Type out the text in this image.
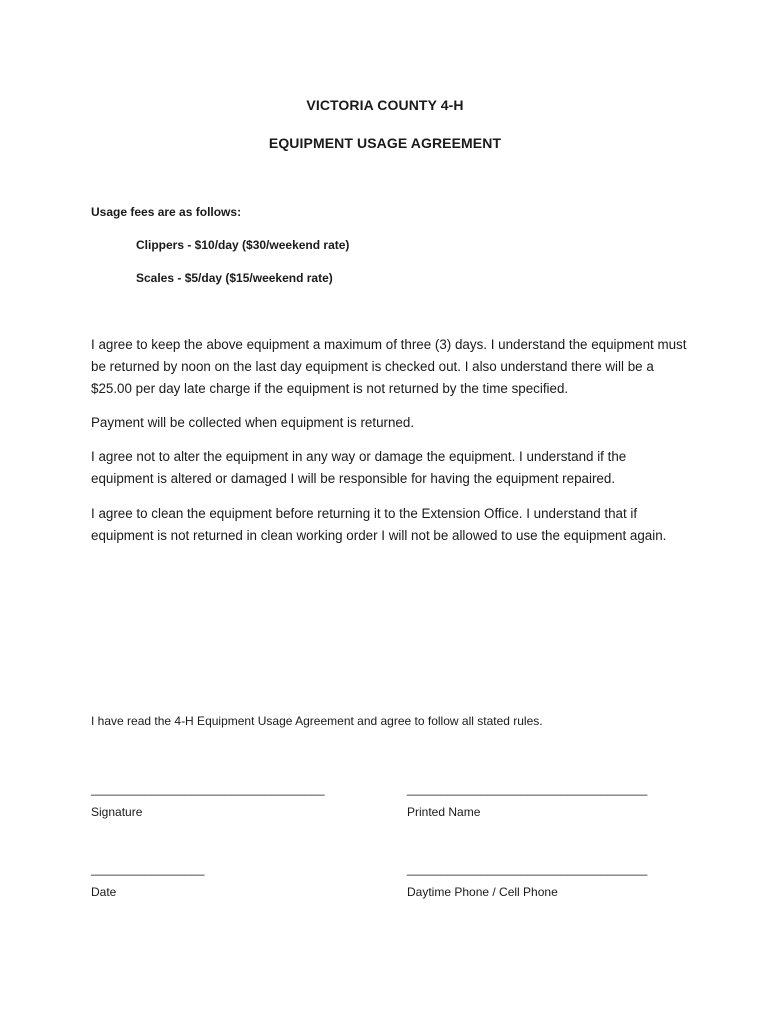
VICTORIA COUNTY 4-H
EQUIPMENT USAGE AGREEMENT
Usage fees are as follows:
Clippers - $10/day ($30/weekend rate)
Scales - $5/day ($15/weekend rate)

I agree to keep the above equipment a maximum of three (3) days. I understand the equipment must be returned by noon on the last day equipment is checked out. I also understand there will be a $25.00 per day late charge if the equipment is not returned by the time specified.

Payment will be collected when equipment is returned.

I agree not to alter the equipment in any way or damage the equipment. I understand if the equipment is altered or damaged I will be responsible for having the equipment repaired.

I agree to clean the equipment before returning it to the Extension Office. I understand that if equipment is not returned in clean working order I will not be allowed to use the equipment again.

I have read the 4-H Equipment Usage Agreement and agree to follow all stated rules.
___________________________________	____________________________________
Signature	Printed Name
_________________	____________________________________
Date	Daytime Phone / Cell Phone
